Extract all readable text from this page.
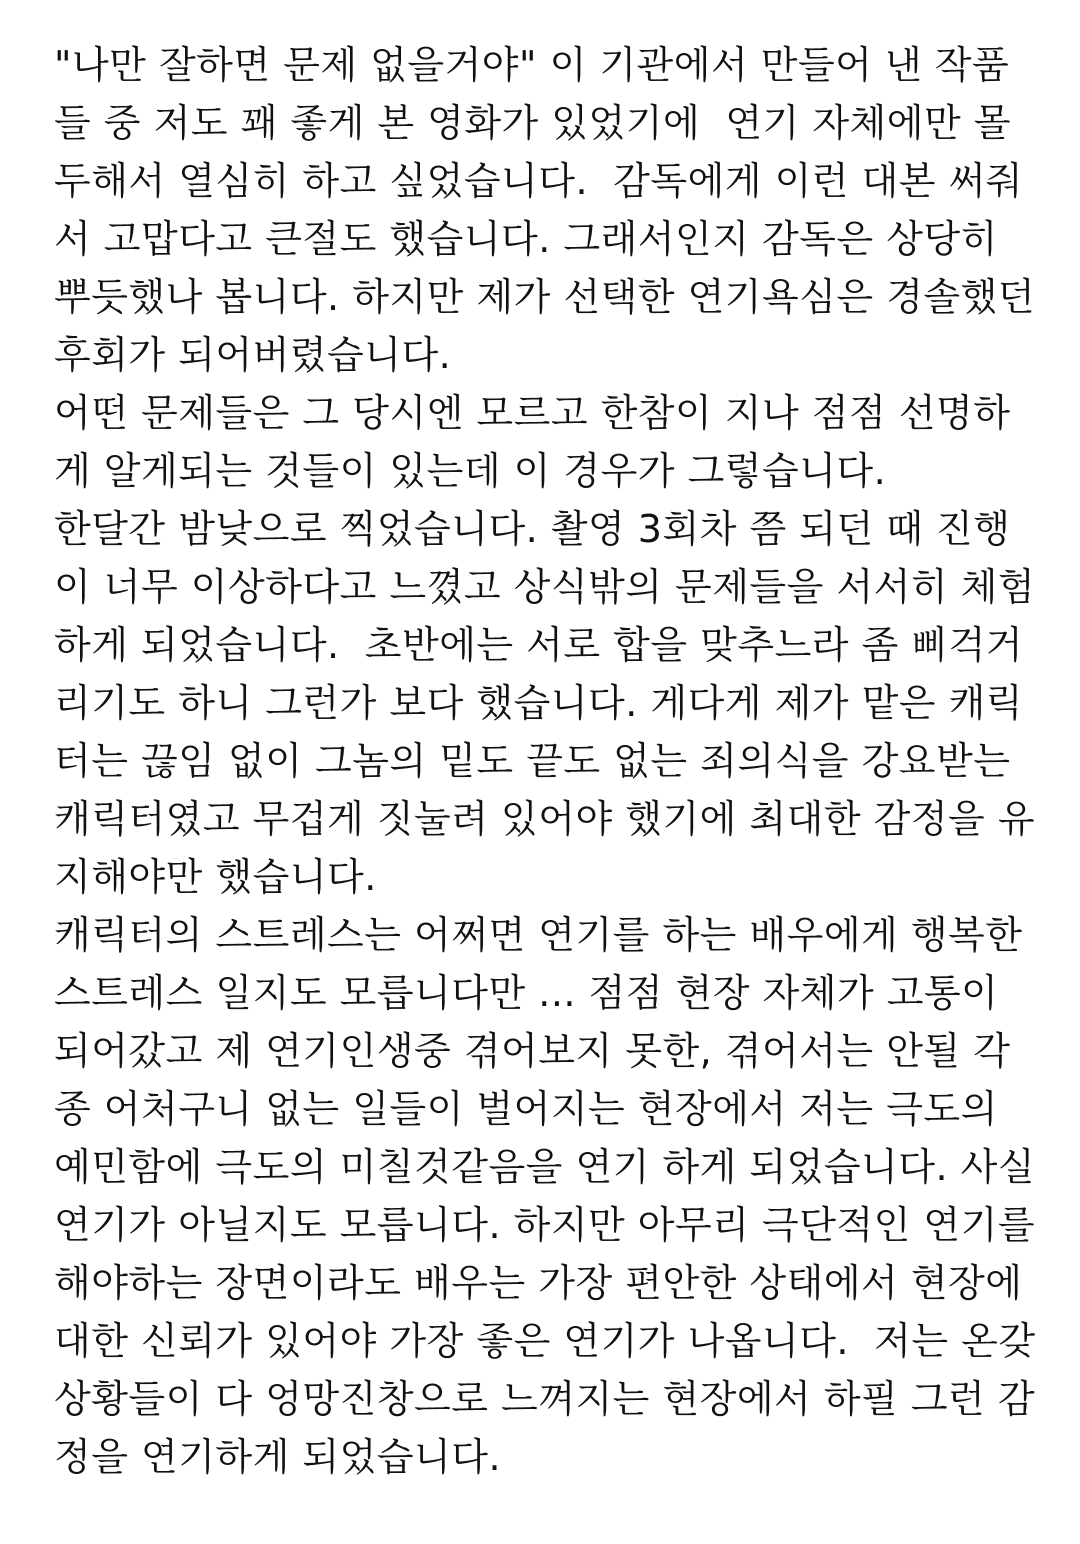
"나만 잘하면 문제 없을거야" 이 기관에서 만들어 낸 작품
들 중 저도 꽤 좋게 본 영화가 있었기에  연기 자체에만 몰
두해서 열심히 하고 싶었습니다.  감독에게 이런 대본 써줘
서 고맙다고 큰절도 했습니다. 그래서인지 감독은 상당히
뿌듯했나 봅니다. 하지만 제가 선택한 연기욕심은 경솔했던
후회가 되어버렸습니다.
어떤 문제들은 그 당시엔 모르고 한참이 지나 점점 선명하
게 알게되는 것들이 있는데 이 경우가 그렇습니다.
한달간 밤낮으로 찍었습니다. 촬영 3회차 쯤 되던 때 진행
이 너무 이상하다고 느꼈고 상식밖의 문제들을 서서히 체험
하게 되었습니다.  초반에는 서로 합을 맞추느라 좀 삐걱거
리기도 하니 그런가 보다 했습니다. 게다게 제가 맡은 캐릭
터는 끊임 없이 그놈의 밑도 끝도 없는 죄의식을 강요받는
캐릭터였고 무겁게 짓눌려 있어야 했기에 최대한 감정을 유
지해야만 했습니다.
캐릭터의 스트레스는 어쩌면 연기를 하는 배우에게 행복한
스트레스 일지도 모릅니다만 ... 점점 현장 자체가 고통이
되어갔고 제 연기인생중 겪어보지 못한, 겪어서는 안될 각
종 어처구니 없는 일들이 벌어지는 현장에서 저는 극도의
예민함에 극도의 미칠것같음을 연기 하게 되었습니다. 사실
연기가 아닐지도 모릅니다. 하지만 아무리 극단적인 연기를
해야하는 장면이라도 배우는 가장 편안한 상태에서 현장에
대한 신뢰가 있어야 가장 좋은 연기가 나옵니다.  저는 온갖
상황들이 다 엉망진창으로 느껴지는 현장에서 하필 그런 감
정을 연기하게 되었습니다.
